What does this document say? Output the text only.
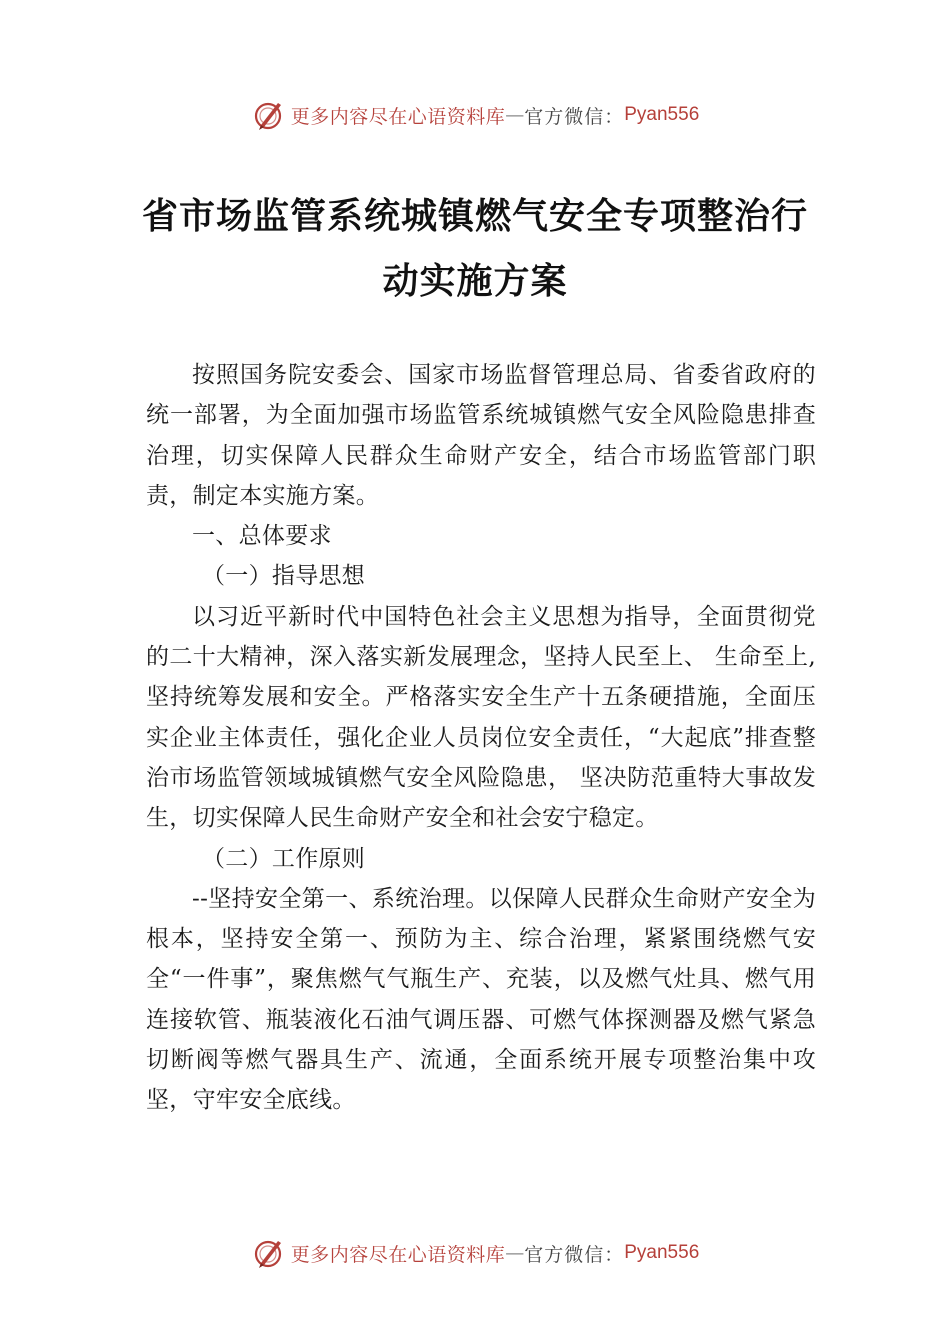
更多内容尽在心语资料库 — 官方微信： Pyan556
省市场监管系统城镇燃气安全专项整治行
动实施方案

按照国务院安委会、国家市场监督管理总局、省委省政府的统一部署，为全面加强市场监管系统城镇燃气安全风险隐患排查治理，切实保障人民群众生命财产安全，结合市场监管部门职责，制定本实施方案。

一、总体要求

（一）指导思想

以习近平新时代中国特色社会主义思想为指导，全面贯彻党的二十大精神，深入落实新发展理念，坚持人民至上、 生命至上,坚持统筹发展和安全。严格落实安全生产十五条硬措施，全面压实企业主体责任，强化企业人员岗位安全责任，“大起底”排查整治市场监管领域城镇燃气安全风险隐患， 坚决防范重特大事故发生，切实保障人民生命财产安全和社会安宁稳定。

（二）工作原则

--坚持安全第一、系统治理。以保障人民群众生命财产安全为根本，坚持安全第一、预防为主、综合治理，紧紧围绕燃气安全“一件事”，聚焦燃气气瓶生产、充装，以及燃气灶具、燃气用连接软管、瓶装液化石油气调压器、可燃气体探测器及燃气紧急切断阀等燃气器具生产、流通，全面系统开展专项整治集中攻坚，守牢安全底线。

更多内容尽在心语资料库 — 官方微信： Pyan556
